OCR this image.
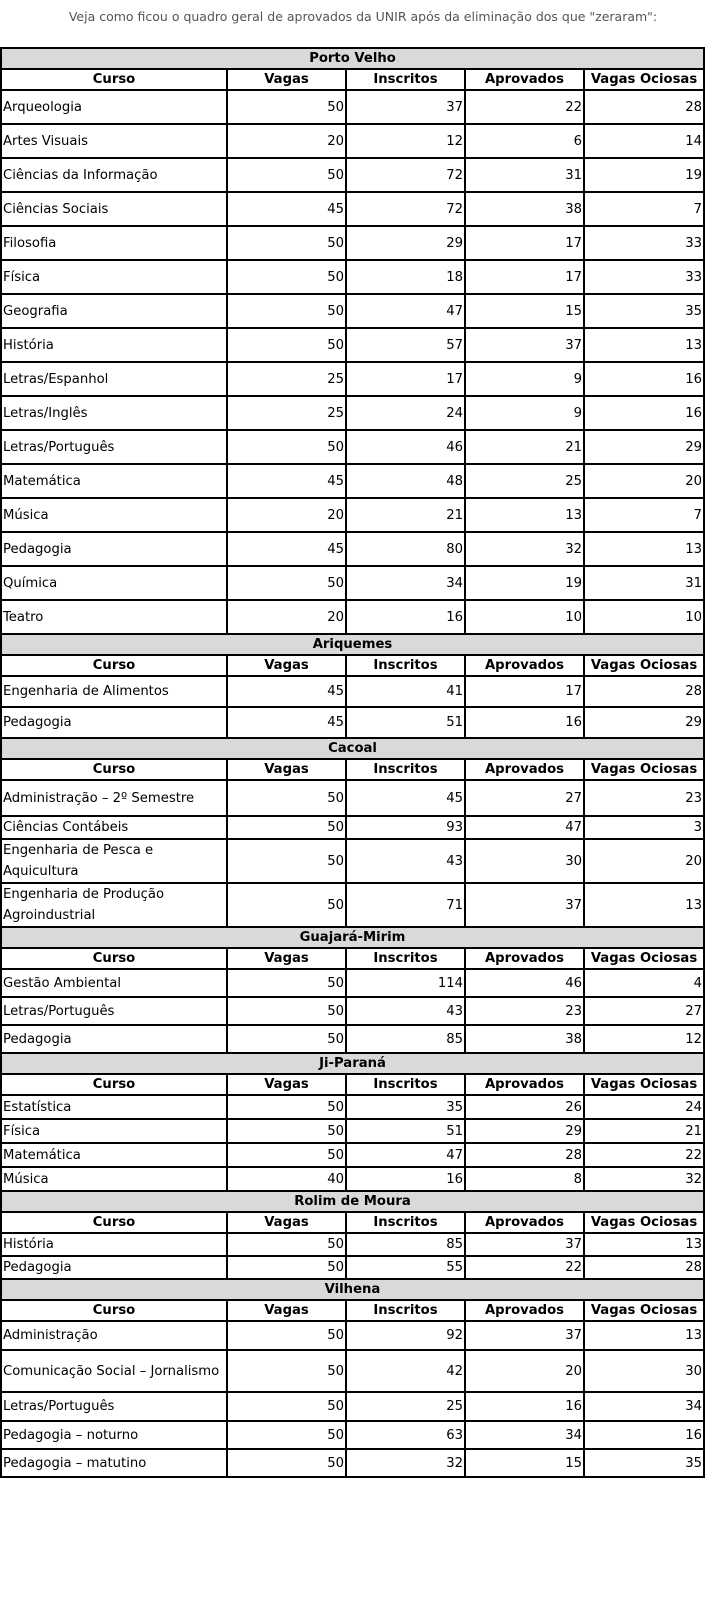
Veja como ficou o quadro geral de aprovados da UNIR após da eliminação dos que "zeraram":
Porto Velho				
Curso	Vagas	Inscritos	Aprovados	Vagas Ociosas
Arqueologia	50	37	22	28
Artes Visuais	20	12	6	14
Ciências da Informação	50	72	31	19
Ciências Sociais	45	72	38	7
Filosofia	50	29	17	33
Física	50	18	17	33
Geografia	50	47	15	35
História	50	57	37	13
Letras/Espanhol	25	17	9	16
Letras/Inglês	25	24	9	16
Letras/Português	50	46	21	29
Matemática	45	48	25	20
Música	20	21	13	7
Pedagogia	45	80	32	13
Química	50	34	19	31
Teatro	20	16	10	10
Ariquemes				
Curso	Vagas	Inscritos	Aprovados	Vagas Ociosas
Engenharia de Alimentos	45	41	17	28
Pedagogia	45	51	16	29
Cacoal				
Curso	Vagas	Inscritos	Aprovados	Vagas Ociosas
Administração – 2º Semestre	50	45	27	23
Ciências Contábeis	50	93	47	3
Engenharia de Pesca e Aquicultura	50	43	30	20
Engenharia de Produção Agroindustrial	50	71	37	13
Guajará-Mirim				
Curso	Vagas	Inscritos	Aprovados	Vagas Ociosas
Gestão Ambiental	50	114	46	4
Letras/Português	50	43	23	27
Pedagogia	50	85	38	12
Ji-Paraná				
Curso	Vagas	Inscritos	Aprovados	Vagas Ociosas
Estatística	50	35	26	24
Física	50	51	29	21
Matemática	50	47	28	22
Música	40	16	8	32
Rolim de Moura				
Curso	Vagas	Inscritos	Aprovados	Vagas Ociosas
História	50	85	37	13
Pedagogia	50	55	22	28
Vilhena				
Curso	Vagas	Inscritos	Aprovados	Vagas Ociosas
Administração	50	92	37	13
Comunicação Social – Jornalismo	50	42	20	30
Letras/Português	50	25	16	34
Pedagogia – noturno	50	63	34	16
Pedagogia – matutino	50	32	15	35
